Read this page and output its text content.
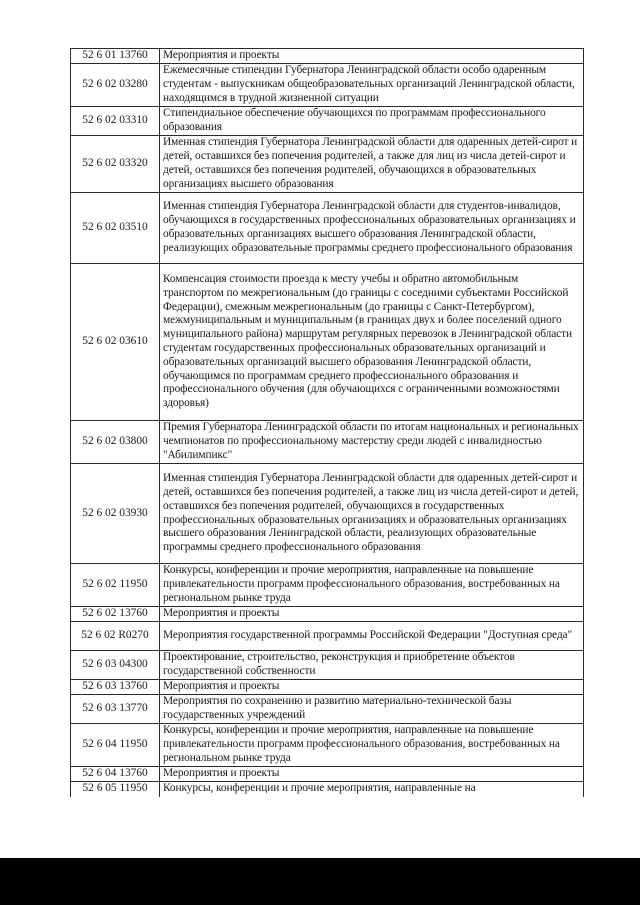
52 6 01 13760	Мероприятия и проекты
52 6 02 03280	Ежемесячные стипендии Губернатора Ленинградской области особо одаренным студентам - выпускникам общеобразовательных организаций Ленинградской области, находящимся в трудной жизненной ситуации
52 6 02 03310	Стипендиальное обеспечение обучающихся по программам профессионального образования
52 6 02 03320	Именная стипендия Губернатора Ленинградской области для одаренных детей-сирот и детей, оставшихся без попечения родителей, а также для лиц из числа детей-сирот и детей, оставшихся без попечения родителей, обучающихся в образовательных организациях высшего образования
52 6 02 03510	Именная стипендия Губернатора Ленинградской области для студентов-инвалидов, обучающихся в государственных профессиональных образовательных организациях и образовательных организациях высшего образования Ленинградской области, реализующих образовательные программы среднего профессионального образования
52 6 02 03610	Компенсация стоимости проезда к месту учебы и обратно автомобильным транспортом по межрегиональным (до границы с соседними субъектами Российской Федерации), смежным межрегиональным (до границы с Санкт-Петербургом), межмуниципальным и муниципальным (в границах двух и более поселений одного муниципального района) маршрутам регулярных перевозок в Ленинградской области студентам государственных профессиональных образовательных организаций и образовательных организаций высшего образования Ленинградской области, обучающимся по программам среднего профессионального образования и профессионального обучения (для обучающихся с ограниченными возможностями здоровья)
52 6 02 03800	Премия Губернатора Ленинградской области по итогам национальных и региональных чемпионатов по профессиональному мастерству среди людей с инвалидностью "Абилимпикс"
52 6 02 03930	Именная стипендия Губернатора Ленинградской области для одаренных детей-сирот и детей, оставшихся без попечения родителей, а также лиц из числа детей-сирот и детей, оставшихся без попечения родителей, обучающихся в государственных профессиональных образовательных организациях и образовательных организациях высшего образования Ленинградской области, реализующих образовательные программы среднего профессионального образования
52 6 02 11950	Конкурсы, конференции и прочие мероприятия, направленные на повышение привлекательности программ профессионального образования, востребованных на региональном рынке труда
52 6 02 13760	Мероприятия и проекты
52 6 02 R0270	Мероприятия государственной программы Российской Федерации "Доступная среда"
52 6 03 04300	Проектирование, строительство, реконструкция и приобретение объектов государственной собственности
52 6 03 13760	Мероприятия и проекты
52 6 03 13770	Мероприятия по сохранению и развитию материально-технической базы государственных учреждений
52 6 04 11950	Конкурсы, конференции и прочие мероприятия, направленные на повышение привлекательности программ профессионального образования, востребованных на региональном рынке труда
52 6 04 13760	Мероприятия и проекты
52 6 05 11950	Конкурсы, конференции и прочие мероприятия, направленные на
